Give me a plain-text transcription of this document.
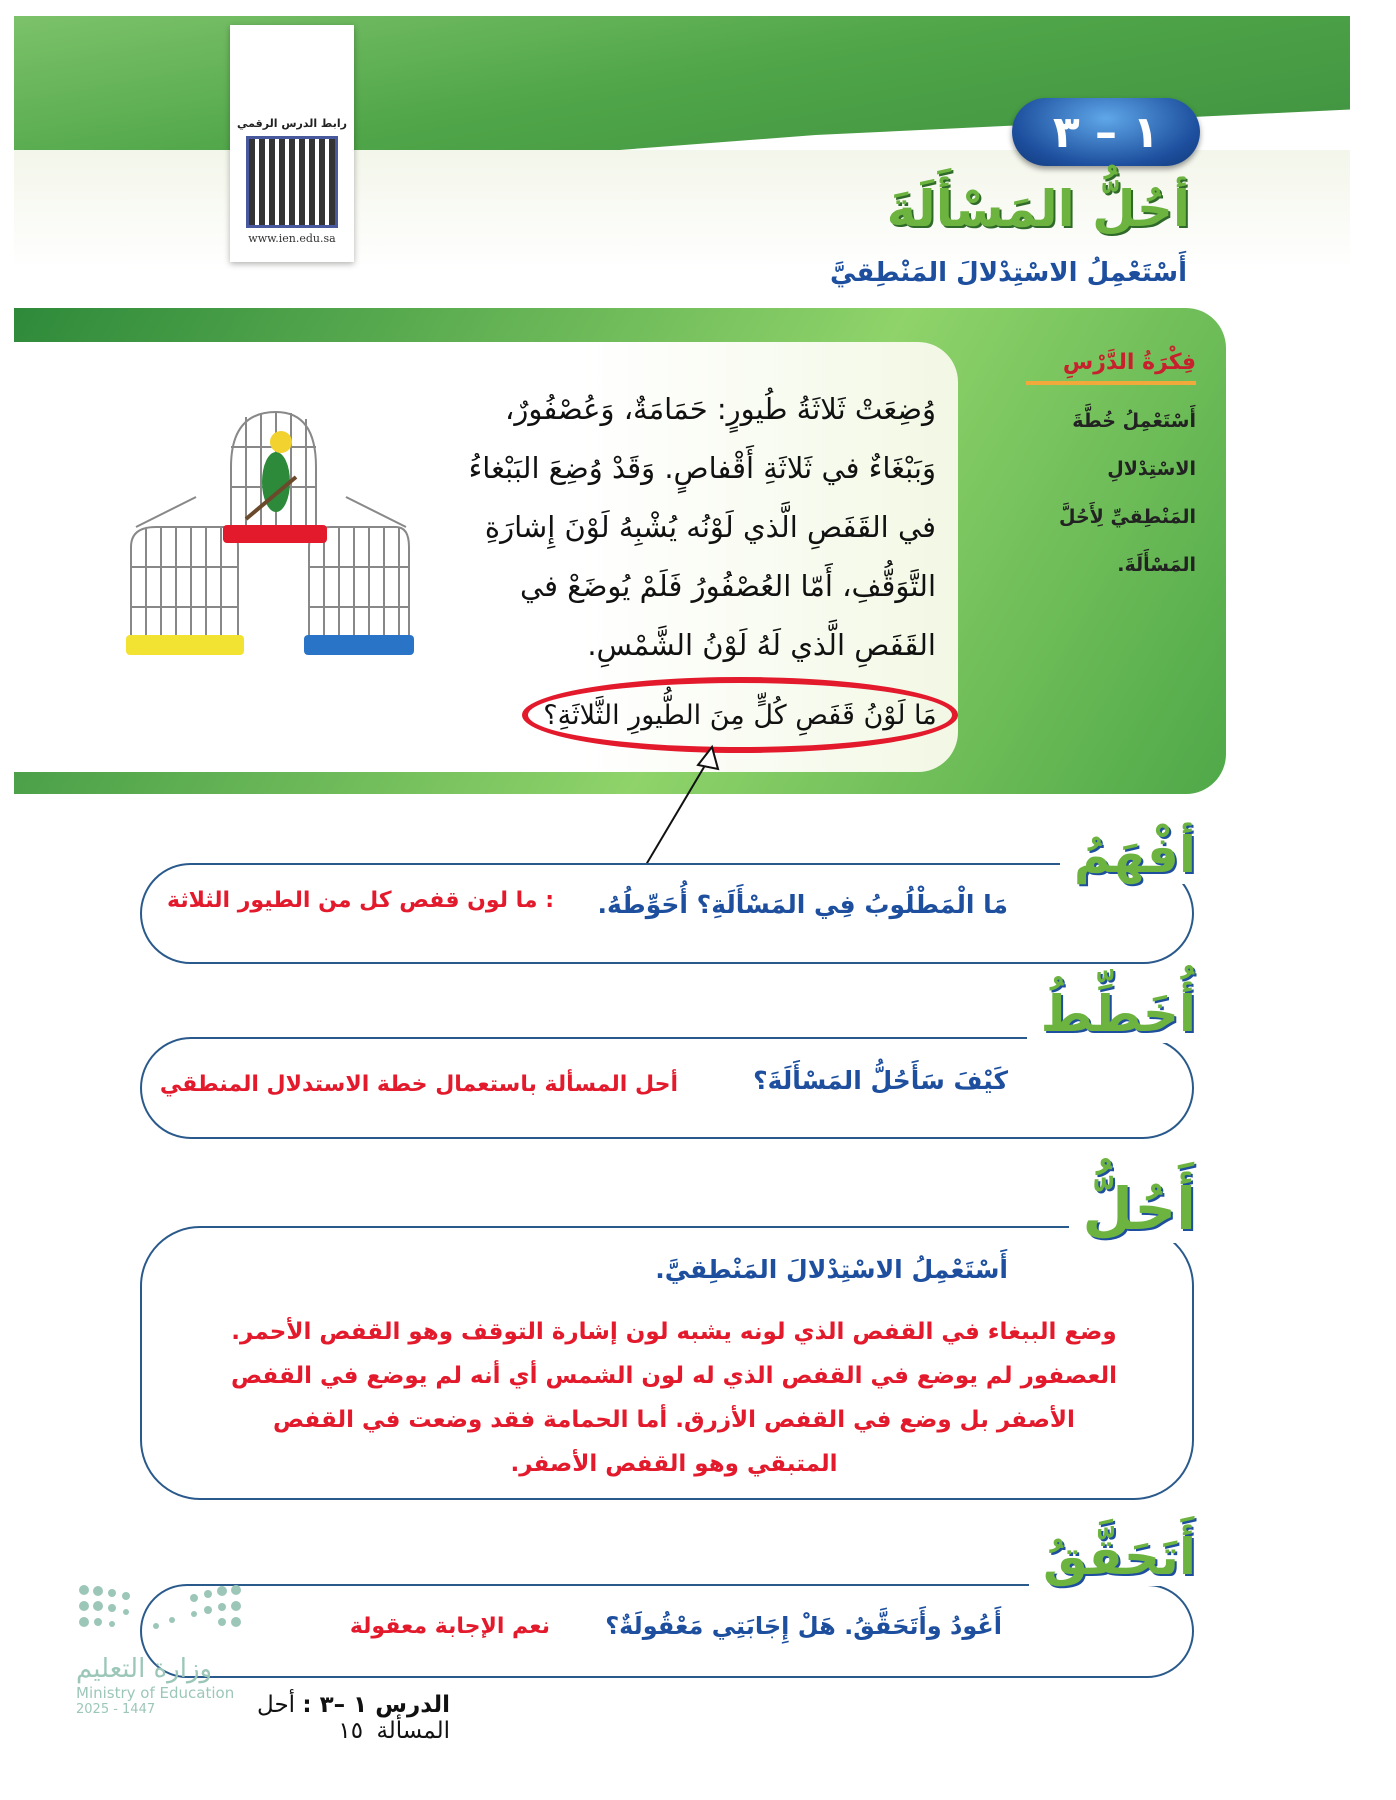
رابط الدرس الرقمي
www.ien.edu.sa
١ – ٣
أحُلُّ المَسْأَلَةَ
أَسْتَعْمِلُ الاسْتِدْلالَ المَنْطِقيَّ
فِكْرَةُ الدَّرْسِ

أَسْتَعْمِلُ خُطَّةَ الاسْتِدْلالِ المَنْطِقيِّ لِأَحُلَّ المَسْأَلَةَ.

وُضِعَتْ ثَلاثَةُ طُيورٍ: حَمَامَةٌ، وَعُصْفُورٌ، وَبَبْغَاءٌ في ثَلاثَةِ أَقْفاصٍ. وَقَدْ وُضِعَ البَبْغاءُ في القَفَصِ الَّذي لَوْنُه يُشْبِهُ لَوْنَ إِشارَةِ التَّوَقُّفِ، أَمّا العُصْفُورُ فَلَمْ يُوضَعْ في القَفَصِ الَّذي لَهُ لَوْنُ الشَّمْسِ.
مَا لَوْنُ قَفَصِ كُلٍّ مِنَ الطُّيورِ الثَّلاثَةِ؟
أفْهَمُ
مَا الْمَطْلُوبُ فِي المَسْأَلَةِ؟ أُحَوِّطُهُ.
: ما لون قفص كل من الطيور الثلاثة
أُخَطِّطُ
كَيْفَ سَأَحُلُّ المَسْأَلَةَ؟
أحل المسألة باستعمال خطة الاستدلال المنطقي
أَحُلُّ
أَسْتَعْمِلُ الاسْتِدْلالَ المَنْطِقيَّ.
وضع الببغاء في القفص الذي لونه يشبه لون إشارة التوقف وهو القفص الأحمر. العصفور لم يوضع في القفص الذي له لون الشمس أي أنه لم يوضع في القفص الأصفر بل وضع في القفص الأزرق. أما الحمامة فقد وضعت في القفص المتبقي وهو القفص الأصفر.
أَتَحَقَّقُ
أَعُودُ وأَتَحَقَّقُ. هَلْ إِجَابَتِي مَعْقُولَةٌ؟
نعم الإجابة معقولة
وزارة التعليم
Ministry of Education
2025 - 1447	الدرس ١ –٣ : أحل المسألة ١٥
